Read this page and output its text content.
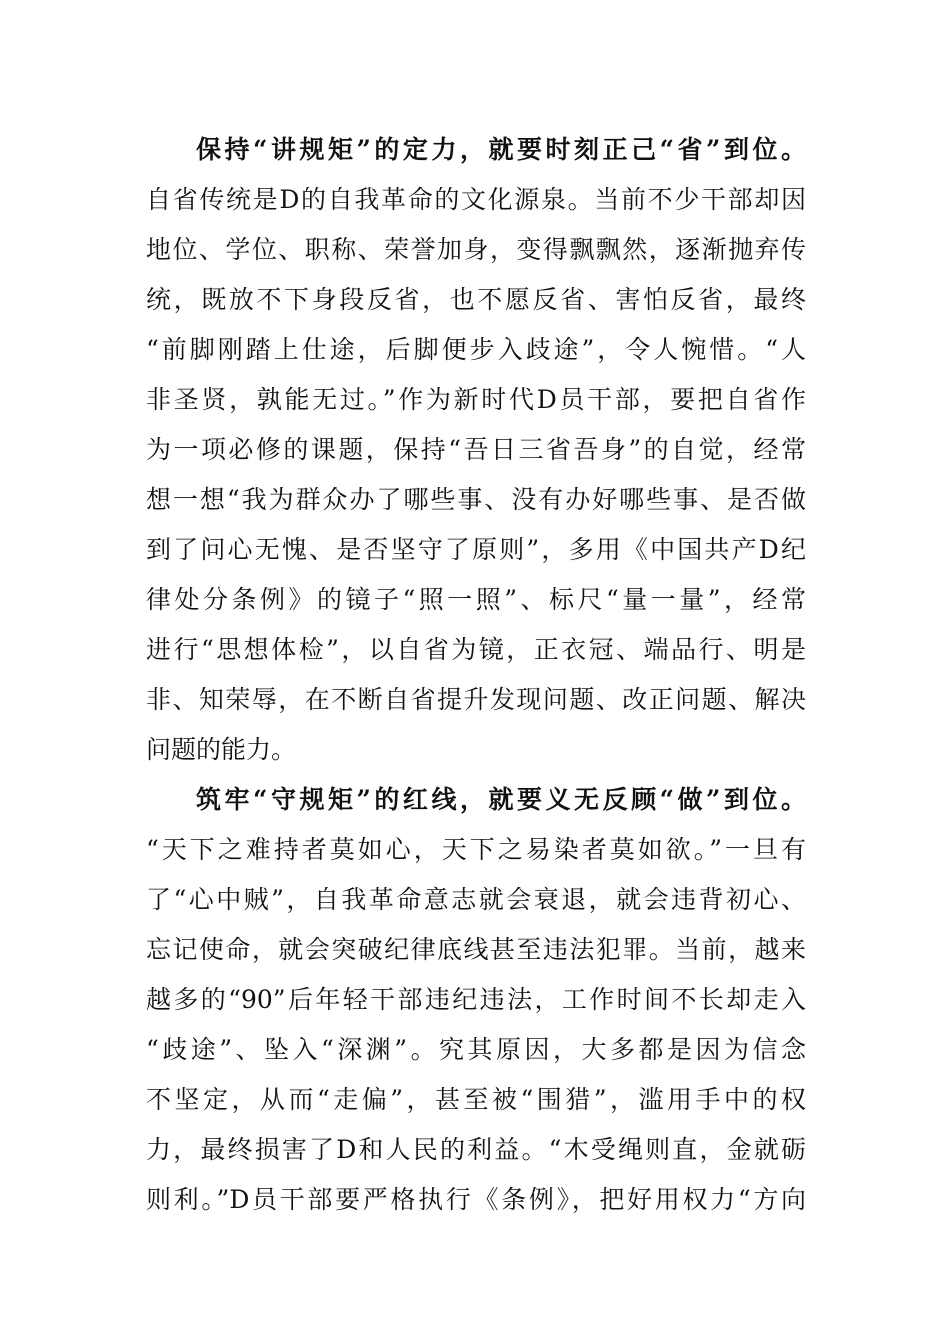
保持“讲规矩”的定力，就要时刻正己“省”到位。
自省传统是D的自我革命的文化源泉。当前不少干部却因
地位、学位、职称、荣誉加身，变得飘飘然，逐渐抛弃传
统，既放不下身段反省，也不愿反省、害怕反省，最终
“前脚刚踏上仕途，后脚便步入歧途”，令人惋惜。“人
非圣贤，孰能无过。”作为新时代D员干部，要把自省作
为一项必修的课题，保持“吾日三省吾身”的自觉，经常
想一想“我为群众办了哪些事、没有办好哪些事、是否做
到了问心无愧、是否坚守了原则”，多用《中国共产D纪
律处分条例》的镜子“照一照”、标尺“量一量”，经常
进行“思想体检”，以自省为镜，正衣冠、端品行、明是
非、知荣辱，在不断自省提升发现问题、改正问题、解决
问题的能力。
筑牢“守规矩”的红线，就要义无反顾“做”到位。
“天下之难持者莫如心，天下之易染者莫如欲。”一旦有
了“心中贼”，自我革命意志就会衰退，就会违背初心、
忘记使命，就会突破纪律底线甚至违法犯罪。当前，越来
越多的“90”后年轻干部违纪违法，工作时间不长却走入
“歧途”、坠入“深渊”。究其原因，大多都是因为信念
不坚定，从而“走偏”，甚至被“围猎”，滥用手中的权
力，最终损害了D和人民的利益。“木受绳则直，金就砺
则利。”D员干部要严格执行《条例》，把好用权力“方向
